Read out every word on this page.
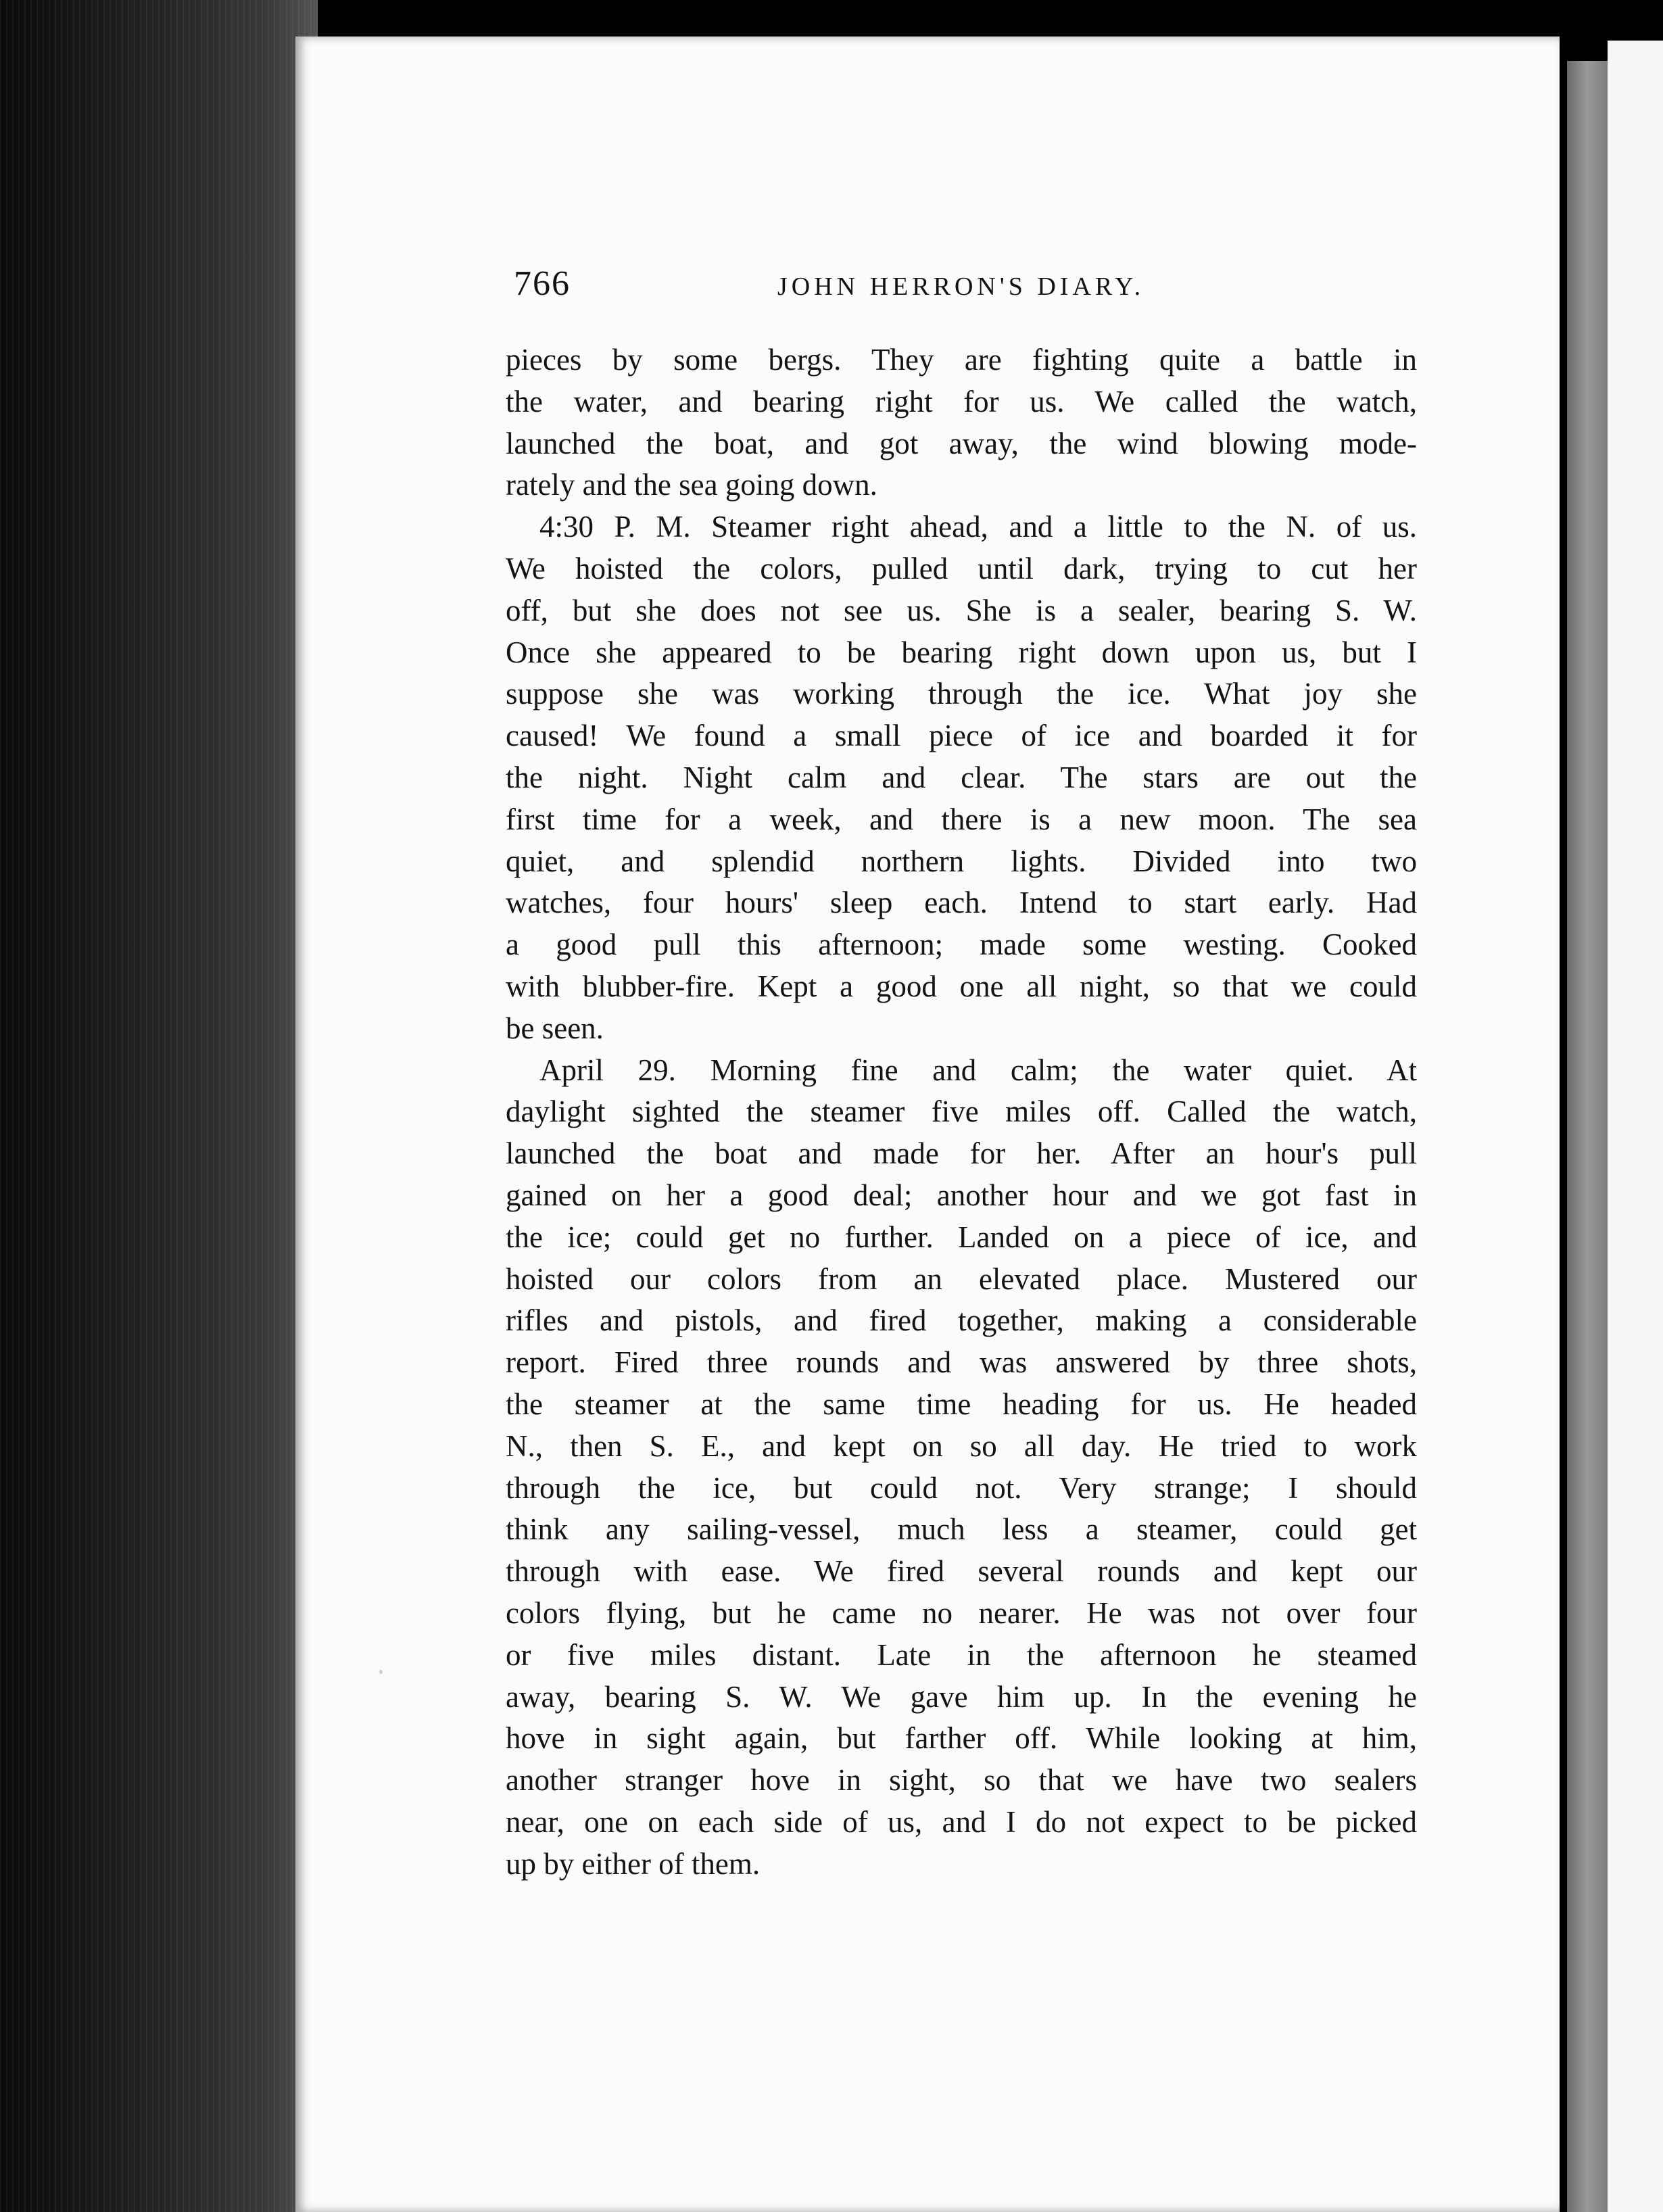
766	JOHN HERRON'S DIARY.
pieces by some bergs. They are fighting quite a battle in
the water, and bearing right for us. We called the watch,
launched the boat, and got away, the wind blowing mode-
rately and the sea going down.
4:30 P. M. Steamer right ahead, and a little to the N. of us.
We hoisted the colors, pulled until dark, trying to cut her
off, but she does not see us. She is a sealer, bearing S. W.
Once she appeared to be bearing right down upon us, but I
suppose she was working through the ice. What joy she
caused! We found a small piece of ice and boarded it for
the night. Night calm and clear. The stars are out the
first time for a week, and there is a new moon. The sea
quiet, and splendid northern lights. Divided into two
watches, four hours' sleep each. Intend to start early. Had
a good pull this afternoon; made some westing. Cooked
with blubber-fire. Kept a good one all night, so that we could
be seen.
April 29. Morning fine and calm; the water quiet. At
daylight sighted the steamer five miles off. Called the watch,
launched the boat and made for her. After an hour's pull
gained on her a good deal; another hour and we got fast in
the ice; could get no further. Landed on a piece of ice, and
hoisted our colors from an elevated place. Mustered our
rifles and pistols, and fired together, making a considerable
report. Fired three rounds and was answered by three shots,
the steamer at the same time heading for us. He headed
N., then S. E., and kept on so all day. He tried to work
through the ice, but could not. Very strange; I should
think any sailing-vessel, much less a steamer, could get
through with ease. We fired several rounds and kept our
colors flying, but he came no nearer. He was not over four
or five miles distant. Late in the afternoon he steamed
away, bearing S. W. We gave him up. In the evening he
hove in sight again, but farther off. While looking at him,
another stranger hove in sight, so that we have two sealers
near, one on each side of us, and I do not expect to be picked
up by either of them.
